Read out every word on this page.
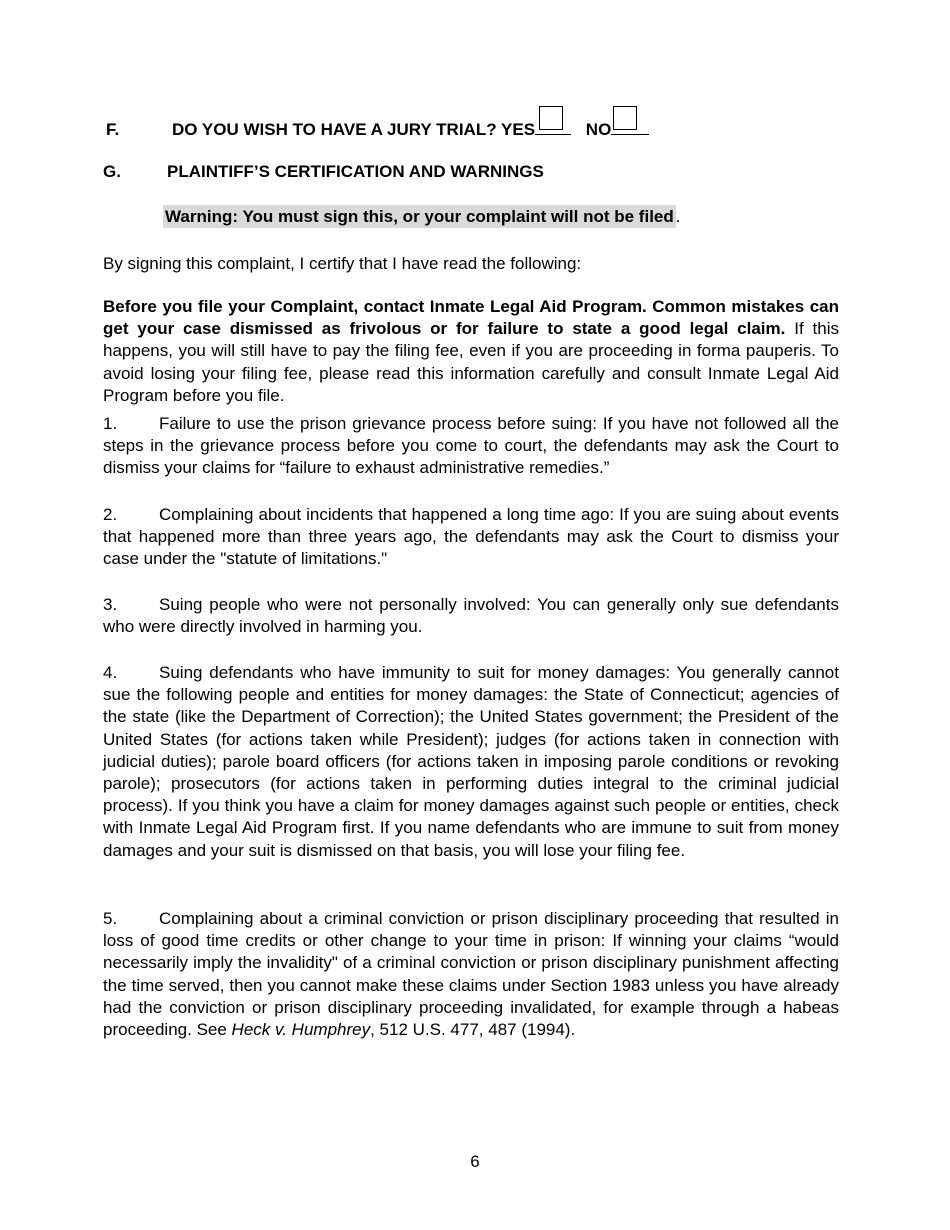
F.	DO YOU WISH TO HAVE A JURY TRIAL? YES	NO
G.	PLAINTIFF’S CERTIFICATION AND WARNINGS
Warning: You must sign this, or your complaint will not be filed .
By signing this complaint, I certify that I have read the following:
Before you file your Complaint, contact Inmate Legal Aid Program. Common mistakes can get your case dismissed as frivolous or for failure to state a good legal claim. If this happens, you will still have to pay the filing fee, even if you are proceeding in forma pauperis. To avoid losing your filing fee, please read this information carefully and consult Inmate Legal Aid Program before you file.
1. Failure to use the prison grievance process before suing: If you have not followed all the steps in the grievance process before you come to court, the defendants may ask the Court to dismiss your claims for “failure to exhaust administrative remedies.”
2. Complaining about incidents that happened a long time ago: If you are suing about events that happened more than three years ago, the defendants may ask the Court to dismiss your case under the "statute of limitations."
3. Suing people who were not personally involved: You can generally only sue defendants who were directly involved in harming you.
4. Suing defendants who have immunity to suit for money damages: You generally cannot sue the following people and entities for money damages: the State of Connecticut; agencies of the state (like the Department of Correction); the United States government; the President of the United States (for actions taken while President); judges (for actions taken in connection with judicial duties); parole board officers (for actions taken in imposing parole conditions or revoking parole); prosecutors (for actions taken in performing duties integral to the criminal judicial process). If you think you have a claim for money damages against such people or entities, check with Inmate Legal Aid Program first. If you name defendants who are immune to suit from money damages and your suit is dismissed on that basis, you will lose your filing fee.
5. Complaining about a criminal conviction or prison disciplinary proceeding that resulted in loss of good time credits or other change to your time in prison: If winning your claims “would necessarily imply the invalidity" of a criminal conviction or prison disciplinary punishment affecting the time served, then you cannot make these claims under Section 1983 unless you have already had the conviction or prison disciplinary proceeding invalidated, for example through a habeas proceeding. See Heck v. Humphrey, 512 U.S. 477, 487 (1994).
6
